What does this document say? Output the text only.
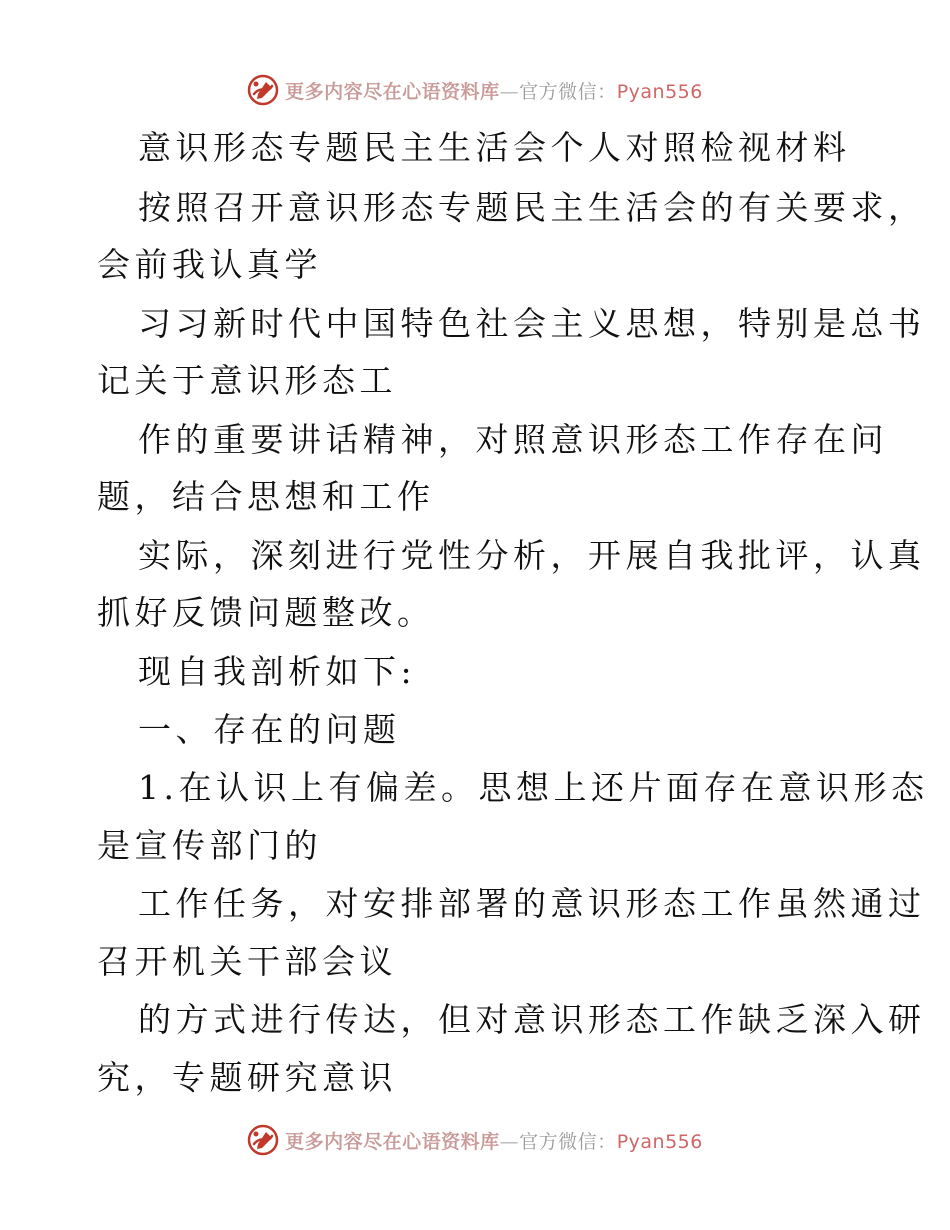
更多内容尽在心语资料库—官方微信：Pyan556
意识形态专题民主生活会个人对照检视材料
按照召开意识形态专题民主生活会的有关要求，
会前我认真学
习习新时代中国特色社会主义思想，特别是总书
记关于意识形态工
作的重要讲话精神，对照意识形态工作存在问
题，结合思想和工作
实际，深刻进行党性分析，开展自我批评，认真
抓好反馈问题整改。
现自我剖析如下:
一、存在的问题
1.在认识上有偏差。思想上还片面存在意识形态
是宣传部门的
工作任务，对安排部署的意识形态工作虽然通过
召开机关干部会议
的方式进行传达，但对意识形态工作缺乏深入研
究，专题研究意识
更多内容尽在心语资料库—官方微信：Pyan556
